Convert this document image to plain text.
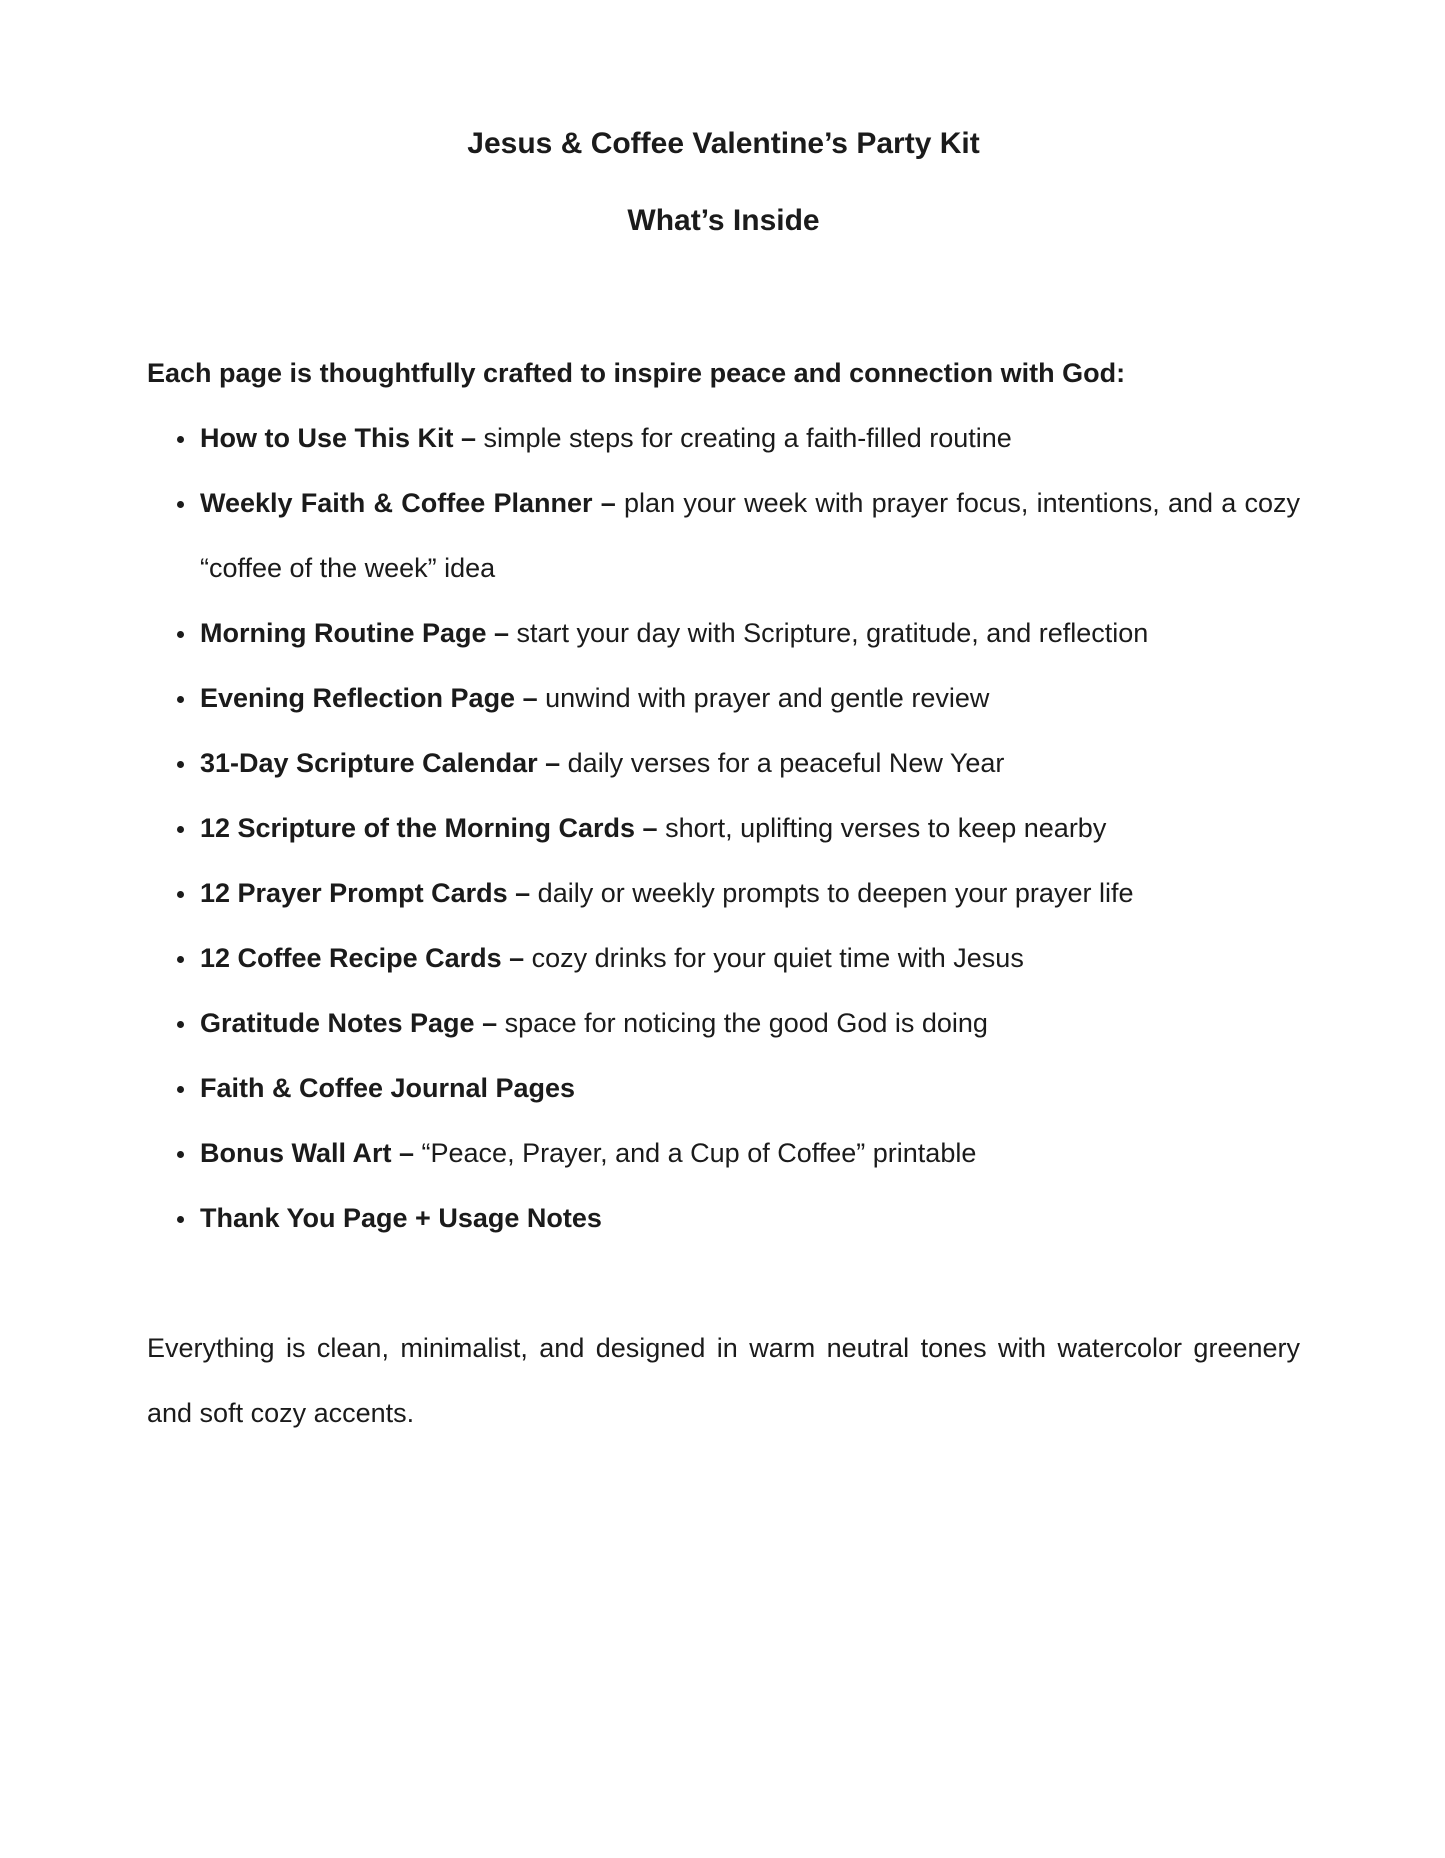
Jesus & Coffee Valentine’s Party Kit
What’s Inside

Each page is thoughtfully crafted to inspire peace and connection with God:

• How to Use This Kit – simple steps for creating a faith-filled routine
• Weekly Faith & Coffee Planner – plan your week with prayer focus, intentions, and a cozy “coffee of the week” idea
• Morning Routine Page – start your day with Scripture, gratitude, and reflection
• Evening Reflection Page – unwind with prayer and gentle review
• 31-Day Scripture Calendar – daily verses for a peaceful New Year
• 12 Scripture of the Morning Cards – short, uplifting verses to keep nearby
• 12 Prayer Prompt Cards – daily or weekly prompts to deepen your prayer life
• 12 Coffee Recipe Cards – cozy drinks for your quiet time with Jesus
• Gratitude Notes Page – space for noticing the good God is doing
• Faith & Coffee Journal Pages
• Bonus Wall Art – “Peace, Prayer, and a Cup of Coffee” printable
• Thank You Page + Usage Notes

Everything is clean, minimalist, and designed in warm neutral tones with watercolor greenery and soft cozy accents.
